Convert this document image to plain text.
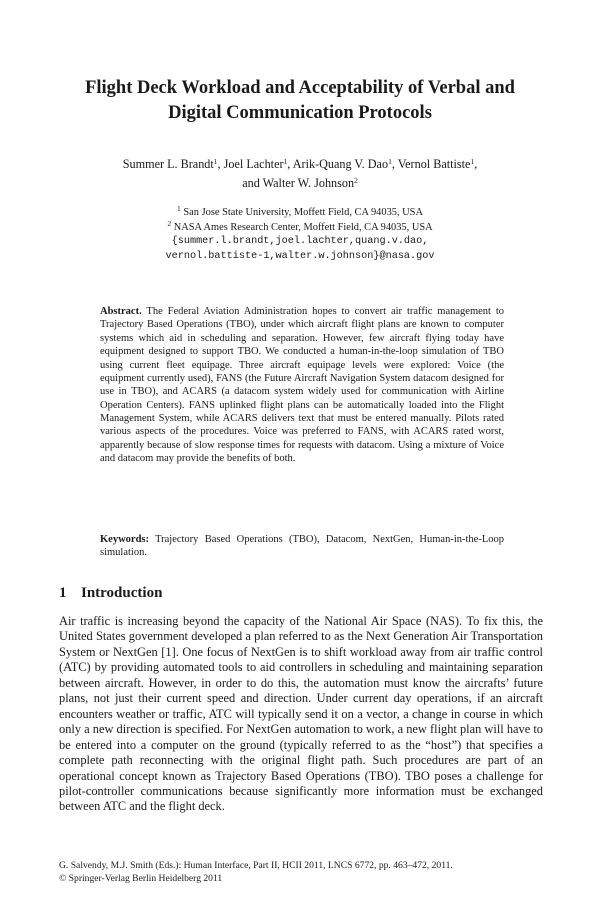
Flight Deck Workload and Acceptability of Verbal and
Digital Communication Protocols
Summer L. Brandt$^1$, Joel Lachter$^1$, Arik-Quang V. Dao$^1$, Vernol Battiste$^1$,
and Walter W. Johnson$^2$
$^1$ San Jose State University, Moffett Field, CA 94035, USA
$^2$ NASA Ames Research Center, Moffett Field, CA 94035, USA
{summer.l.brandt,joel.lachter,quang.v.dao,
vernol.battiste-1,walter.w.johnson}@nasa.gov
Abstract. The Federal Aviation Administration hopes to convert air traffic management to Trajectory Based Operations (TBO), under which aircraft flight plans are known to computer systems which aid in scheduling and separation. However, few aircraft flying today have equipment designed to support TBO. We conducted a human-in-the-loop simulation of TBO using current fleet equipage. Three aircraft equipage levels were explored: Voice (the equipment currently used), FANS (the Future Aircraft Navigation System datacom designed for use in TBO), and ACARS (a datacom system widely used for communication with Airline Operation Centers). FANS uplinked flight plans can be automatically loaded into the Flight Management System, while ACARS delivers text that must be entered manually. Pilots rated various aspects of the procedures. Voice was preferred to FANS, with ACARS rated worst, apparently because of slow response times for requests with datacom. Using a mixture of Voice and datacom may provide the benefits of both.
Keywords: Trajectory Based Operations (TBO), Datacom, NextGen, Human-in-the-Loop simulation.
1 Introduction
Air traffic is increasing beyond the capacity of the National Air Space (NAS). To fix this, the United States government developed a plan referred to as the Next Generation Air Transportation System or NextGen [1]. One focus of NextGen is to shift workload away from air traffic control (ATC) by providing automated tools to aid controllers in scheduling and maintaining separation between aircraft. However, in order to do this, the automation must know the aircrafts’ future plans, not just their current speed and direction. Under current day operations, if an aircraft encounters weather or traffic, ATC will typically send it on a vector, a change in course in which only a new direction is specified. For NextGen automation to work, a new flight plan will have to be entered into a computer on the ground (typically referred to as the “host”) that specifies a complete path reconnecting with the original flight path. Such procedures are part of an operational concept known as Trajectory Based Operations (TBO). TBO poses a challenge for pilot-controller communications because significantly more information must be exchanged between ATC and the flight deck.
G. Salvendy, M.J. Smith (Eds.): Human Interface, Part II, HCII 2011, LNCS 6772, pp. 463–472, 2011.
© Springer-Verlag Berlin Heidelberg 2011
